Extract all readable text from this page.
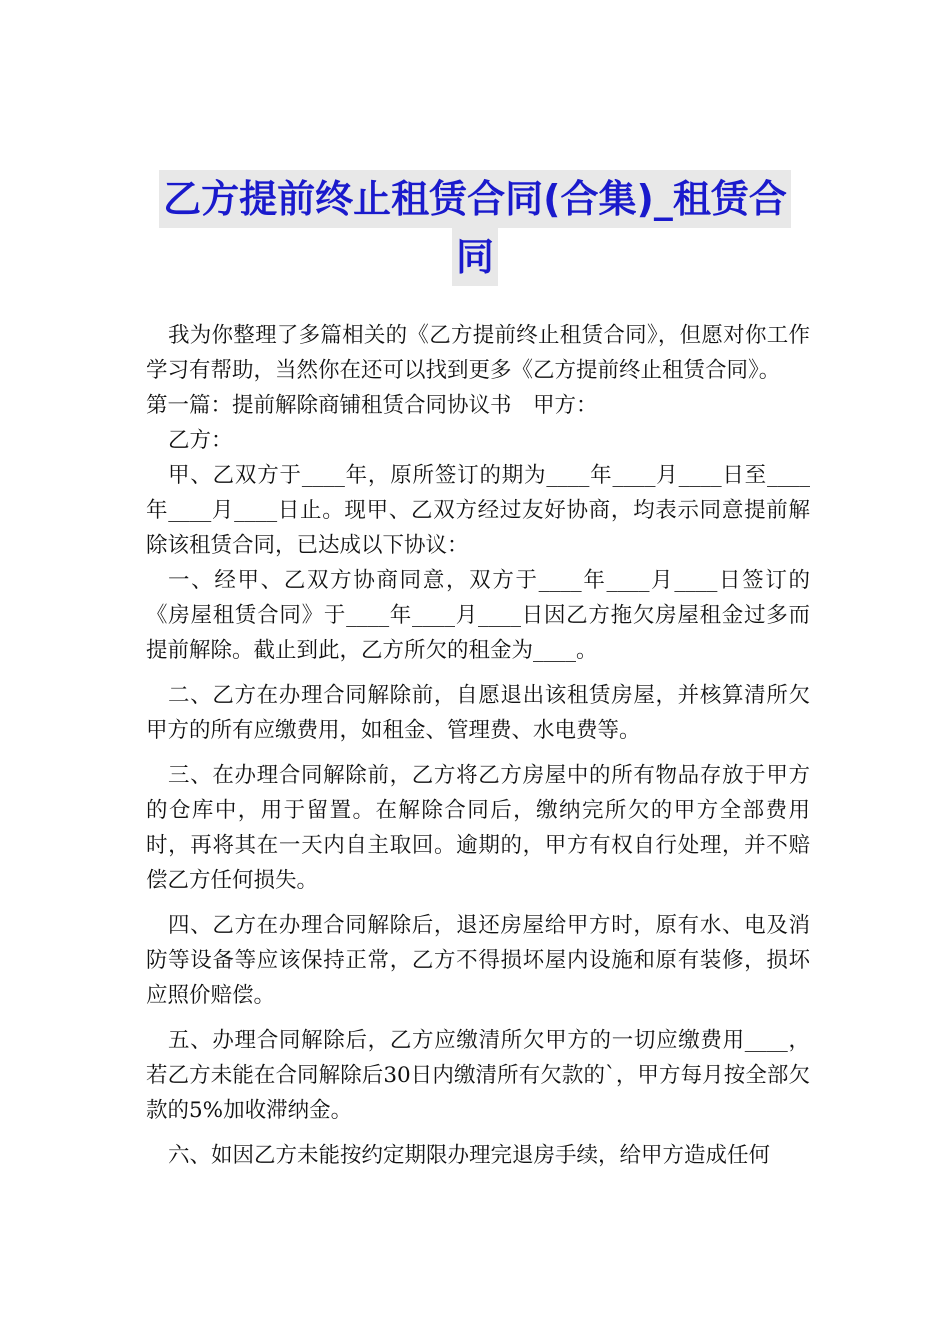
乙方提前终止租赁合同(合集)_租赁合
同

我为你整理了多篇相关的《乙方提前终止租赁合同》，但愿对你工作学习有帮助，当然你在还可以找到更多《乙方提前终止租赁合同》。

第一篇：提前解除商铺租赁合同协议书　甲方：

乙方：

甲、乙双方于____年，原所签订的期为____年____月____日至____年____月____日止。现甲、乙双方经过友好协商，均表示同意提前解除该租赁合同，已达成以下协议：

一、经甲、乙双方协商同意，双方于____年____月____日签订的《房屋租赁合同》于____年____月____日因乙方拖欠房屋租金过多而提前解除。截止到此，乙方所欠的租金为____。

二、乙方在办理合同解除前，自愿退出该租赁房屋，并核算清所欠甲方的所有应缴费用，如租金、管理费、水电费等。

三、在办理合同解除前，乙方将乙方房屋中的所有物品存放于甲方的仓库中，用于留置。在解除合同后，缴纳完所欠的甲方全部费用时，再将其在一天内自主取回。逾期的，甲方有权自行处理，并不赔偿乙方任何损失。

四、乙方在办理合同解除后，退还房屋给甲方时，原有水、电及消防等设备等应该保持正常，乙方不得损坏屋内设施和原有装修，损坏应照价赔偿。

五、办理合同解除后，乙方应缴清所欠甲方的一切应缴费用____，若乙方未能在合同解除后30日内缴清所有欠款的`，甲方每月按全部欠款的5%加收滞纳金。

六、如因乙方未能按约定期限办理完退房手续，给甲方造成任何
